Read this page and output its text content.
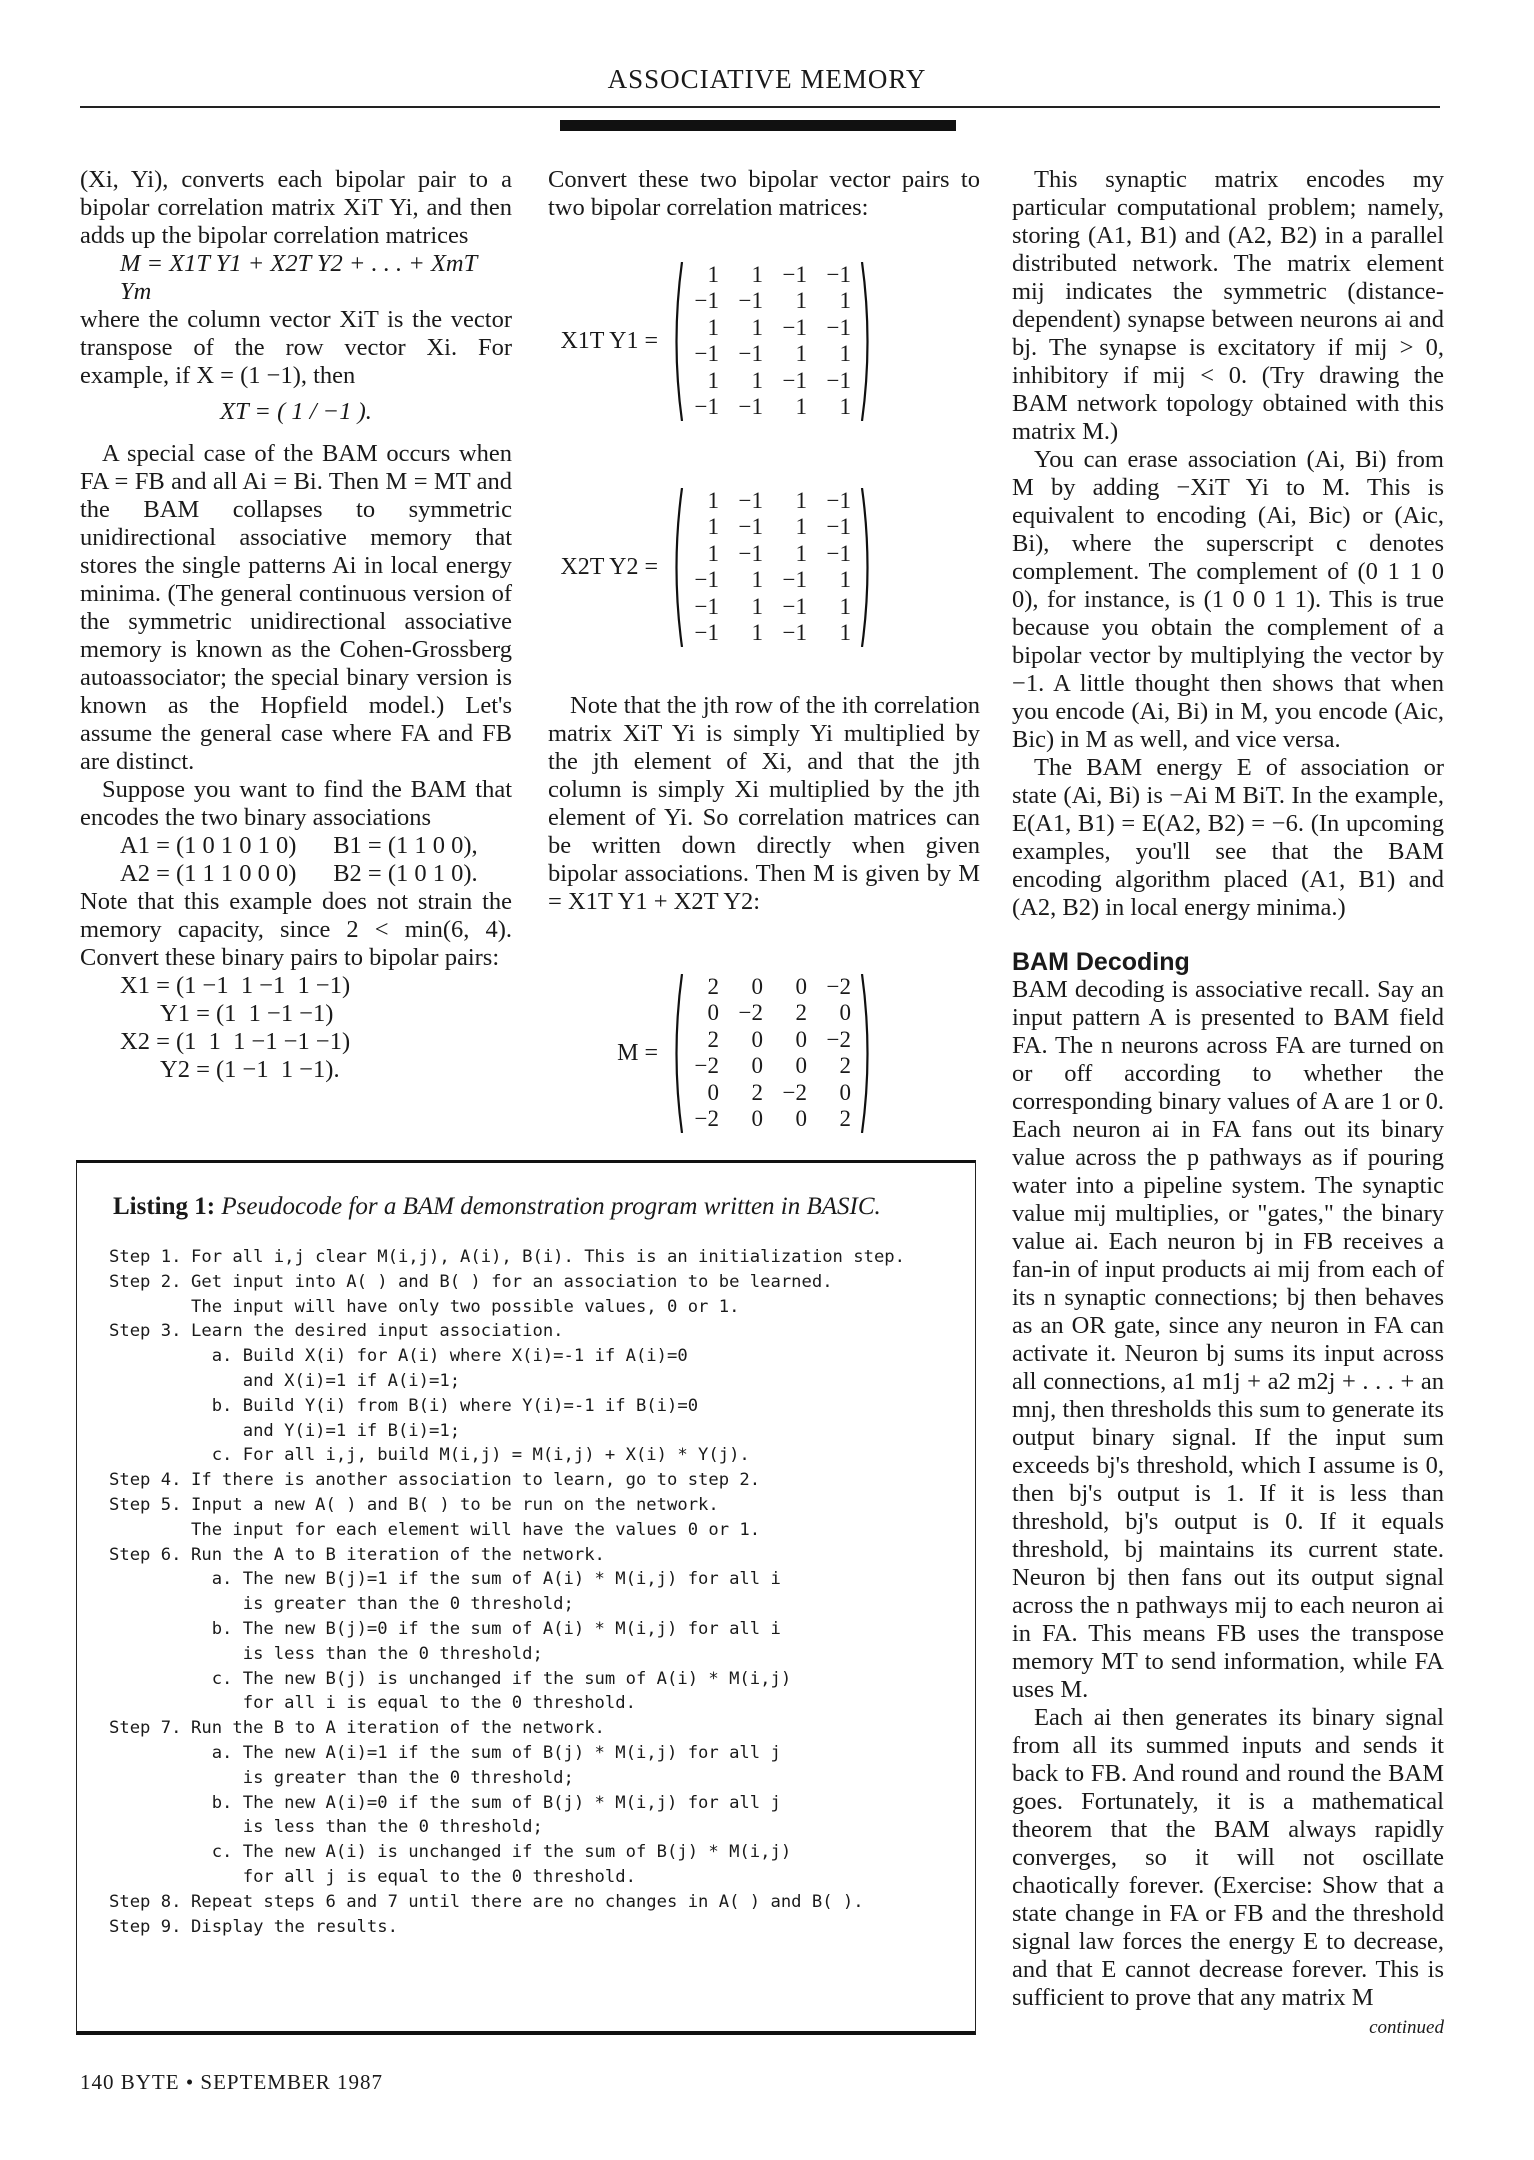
ASSOCIATIVE MEMORY

(Xi, Yi), converts each bipolar pair to a bipolar correlation matrix XiT Yi, and then adds up the bipolar correlation matrices

M = X1T Y1 + X2T Y2 + . . . + XmT Ym

where the column vector XiT is the vector transpose of the row vector Xi. For example, if X = (1 −1), then

XT = ( 1 / −1 ).

A special case of the BAM occurs when FA = FB and all Ai = Bi. Then M = MT and the BAM collapses to symmetric unidirectional associative memory that stores the single patterns Ai in local energy minima. (The general continuous version of the symmetric unidirectional associative memory is known as the Cohen-Grossberg autoassociator; the special binary version is known as the Hopfield model.) Let's assume the general case where FA and FB are distinct.

Suppose you want to find the BAM that encodes the two binary associations

A1 = (1 0 1 0 1 0)      B1 = (1 1 0 0),

A2 = (1 1 1 0 0 0)      B2 = (1 0 1 0).

Note that this example does not strain the memory capacity, since 2 < min(6, 4). Convert these binary pairs to bipolar pairs:

X1 = (1 −1  1 −1  1 −1)

Y1 = (1  1 −1 −1)

X2 = (1  1  1 −1 −1 −1)

Y2 = (1 −1  1 −1).

Convert these two bipolar vector pairs to two bipolar correlation matrices:

X1T Y1 =
1	1	−1	−1
−1	−1	1	1
1	1	−1	−1
−1	−1	1	1
1	1	−1	−1
−1	−1	1	1
X2T Y2 =
1	−1	1	−1
1	−1	1	−1
1	−1	1	−1
−1	1	−1	1
−1	1	−1	1
−1	1	−1	1

Note that the jth row of the ith correlation matrix XiT Yi is simply Yi multiplied by the jth element of Xi, and that the jth column is simply Xi multiplied by the jth element of Yi. So correlation matrices can be written down directly when given bipolar associations. Then M is given by M = X1T Y1 + X2T Y2:

M =
2	0	0	−2
0	−2	2	0
2	0	0	−2
−2	0	0	2
0	2	−2	0
−2	0	0	2

This synaptic matrix encodes my particular computational problem; namely, storing (A1, B1) and (A2, B2) in a parallel distributed network. The matrix element mij indicates the symmetric (distance-dependent) synapse between neurons ai and bj. The synapse is excitatory if mij > 0, inhibitory if mij < 0. (Try drawing the BAM network topology obtained with this matrix M.)

You can erase association (Ai, Bi) from M by adding −XiT Yi to M. This is equivalent to encoding (Ai, Bic) or (Aic, Bi), where the superscript c denotes complement. The complement of (0 1 1 0 0), for instance, is (1 0 0 1 1). This is true because you obtain the complement of a bipolar vector by multiplying the vector by −1. A little thought then shows that when you encode (Ai, Bi) in M, you encode (Aic, Bic) in M as well, and vice versa.

The BAM energy E of association or state (Ai, Bi) is −Ai M BiT. In the example, E(A1, B1) = E(A2, B2) = −6. (In upcoming examples, you'll see that the BAM encoding algorithm placed (A1, B1) and (A2, B2) in local energy minima.)

BAM Decoding

BAM decoding is associative recall. Say an input pattern A is presented to BAM field FA. The n neurons across FA are turned on or off according to whether the corresponding binary values of A are 1 or 0. Each neuron ai in FA fans out its binary value across the p pathways as if pouring water into a pipeline system. The synaptic value mij multiplies, or "gates," the binary value ai. Each neuron bj in FB receives a fan-in of input products ai mij from each of its n synaptic connections; bj then behaves as an OR gate, since any neuron in FA can activate it. Neuron bj sums its input across all connections, a1 m1j + a2 m2j + . . . + an mnj, then thresholds this sum to generate its output binary signal. If the input sum exceeds bj's threshold, which I assume is 0, then bj's output is 1. If it is less than threshold, bj's output is 0. If it equals threshold, bj maintains its current state. Neuron bj then fans out its output signal across the n pathways mij to each neuron ai in FA. This means FB uses the transpose memory MT to send information, while FA uses M.

Each ai then generates its binary signal from all its summed inputs and sends it back to FB. And round and round the BAM goes. Fortunately, it is a mathematical theorem that the BAM always rapidly converges, so it will not oscillate chaotically forever. (Exercise: Show that a state change in FA or FB and the threshold signal law forces the energy E to decrease, and that E cannot decrease forever. This is sufficient to prove that any matrix M

continued

Listing 1: Pseudocode for a BAM demonstration program written in BASIC.
Step 1. For all i,j clear M(i,j), A(i), B(i). This is an initialization step.
Step 2. Get input into A( ) and B( ) for an association to be learned.
The input will have only two possible values, 0 or 1.
Step 3. Learn the desired input association.
a. Build X(i) for A(i) where X(i)=-1 if A(i)=0
and X(i)=1 if A(i)=1;
b. Build Y(i) from B(i) where Y(i)=-1 if B(i)=0
and Y(i)=1 if B(i)=1;
c. For all i,j, build M(i,j) = M(i,j) + X(i) * Y(j).
Step 4. If there is another association to learn, go to step 2.
Step 5. Input a new A( ) and B( ) to be run on the network.
The input for each element will have the values 0 or 1.
Step 6. Run the A to B iteration of the network.
a. The new B(j)=1 if the sum of A(i) * M(i,j) for all i
is greater than the 0 threshold;
b. The new B(j)=0 if the sum of A(i) * M(i,j) for all i
is less than the 0 threshold;
c. The new B(j) is unchanged if the sum of A(i) * M(i,j)
for all i is equal to the 0 threshold.
Step 7. Run the B to A iteration of the network.
a. The new A(i)=1 if the sum of B(j) * M(i,j) for all j
is greater than the 0 threshold;
b. The new A(i)=0 if the sum of B(j) * M(i,j) for all j
is less than the 0 threshold;
c. The new A(i) is unchanged if the sum of B(j) * M(i,j)
for all j is equal to the 0 threshold.
Step 8. Repeat steps 6 and 7 until there are no changes in A( ) and B( ).
Step 9. Display the results.
140 BYTE • SEPTEMBER 1987
